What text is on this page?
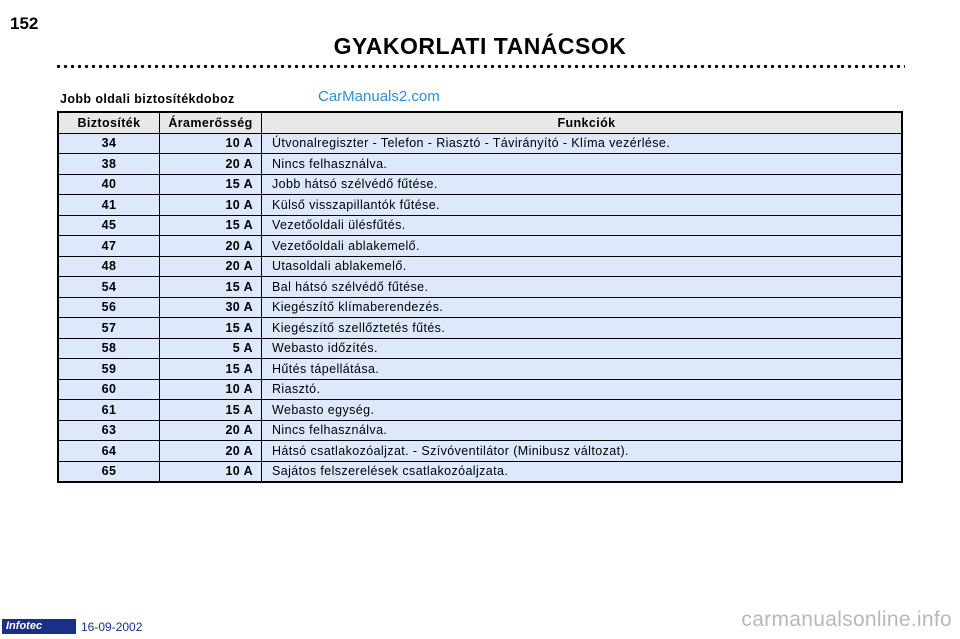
152
GYAKORLATI TANÁCSOK
Jobb oldali biztosítékdoboz	CarManuals2.com
Biztosíték	Áramerősség	Funkciók
34	10 A	Útvonalregiszter - Telefon - Riasztó - Távirányító - Klíma vezérlése.
38	20 A	Nincs felhasználva.
40	15 A	Jobb hátsó szélvédő fűtése.
41	10 A	Külső visszapillantók fűtése.
45	15 A	Vezetőoldali ülésfűtés.
47	20 A	Vezetőoldali ablakemelő.
48	20 A	Utasoldali ablakemelő.
54	15 A	Bal hátsó szélvédő fűtése.
56	30 A	Kiegészítő klímaberendezés.
57	15 A	Kiegészítő szellőztetés fűtés.
58	5 A	Webasto időzítés.
59	15 A	Hűtés tápellátása.
60	10 A	Riasztó.
61	15 A	Webasto egység.
63	20 A	Nincs felhasználva.
64	20 A	Hátsó csatlakozóaljzat. - Szívóventilátor (Minibusz változat).
65	10 A	Sajátos felszerelések csatlakozóaljzata.
Infotec	16-09-2002	carmanualsonline.info
